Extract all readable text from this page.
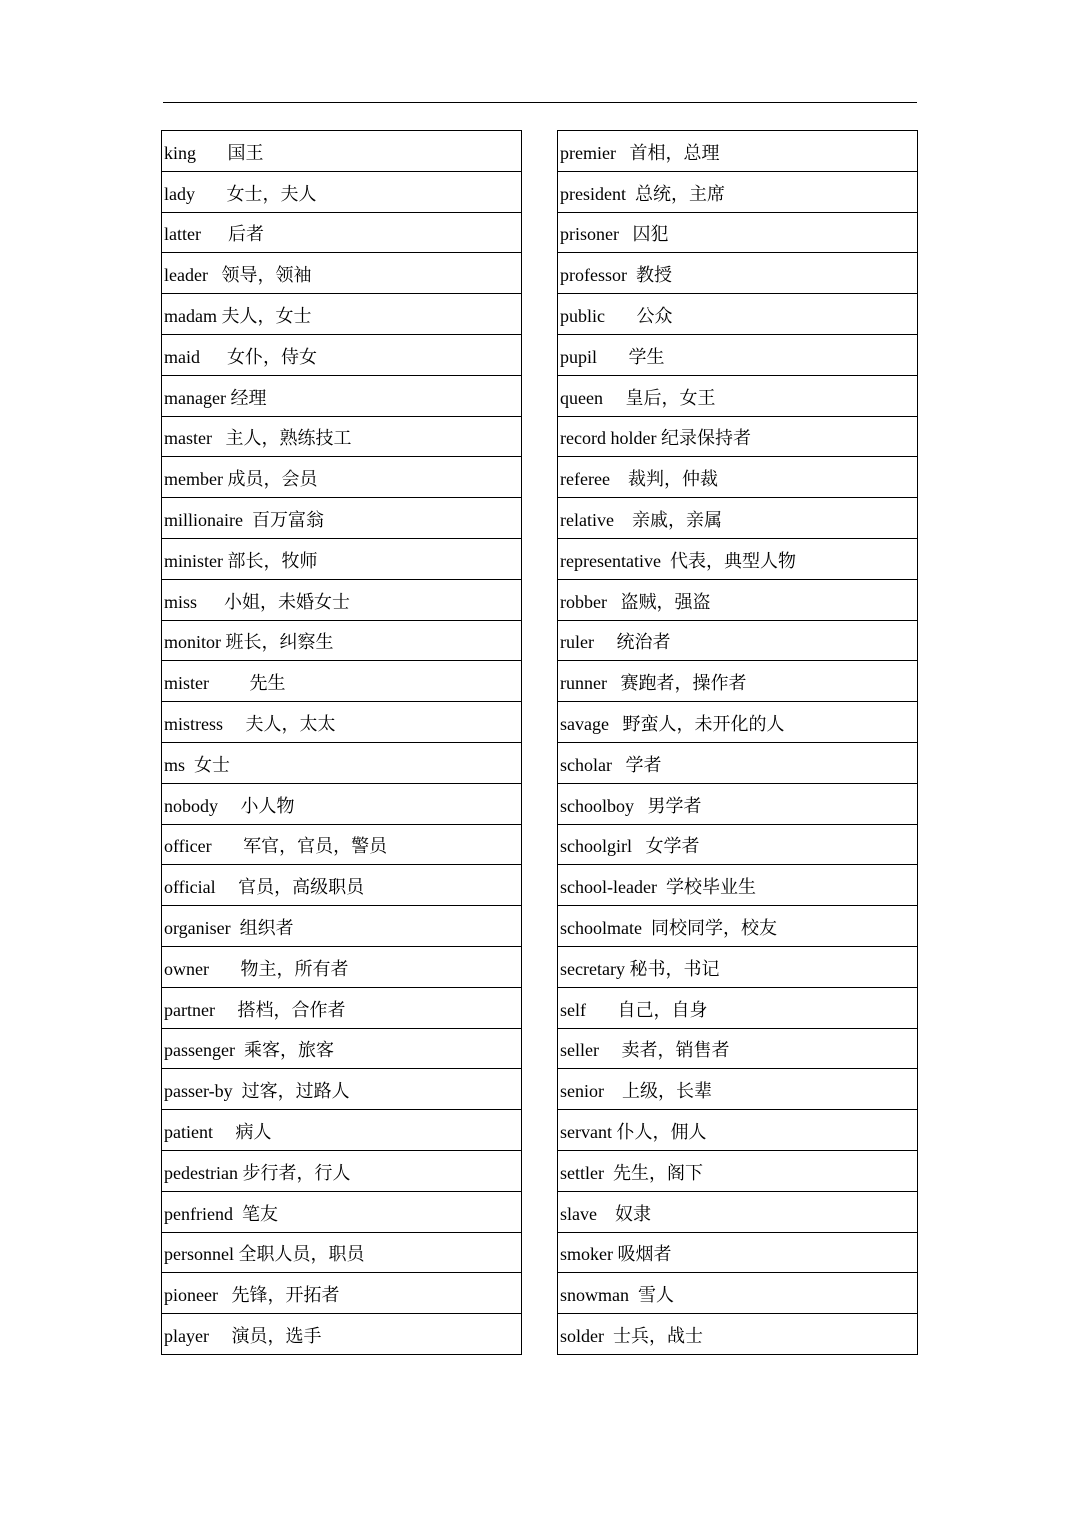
king       国王
lady       女士，夫人
latter      后者
leader   领导，领袖
madam 夫人，女士
maid      女仆，侍女
manager 经理
master   主人，熟练技工
member 成员，会员
millionaire  百万富翁
minister 部长，牧师
miss      小姐，未婚女士
monitor 班长，纠察生
mister         先生
mistress     夫人，太太
ms  女士
nobody     小人物
officer       军官，官员，警员
official     官员，高级职员
organiser  组织者
owner       物主，所有者
partner     搭档，合作者
passenger  乘客，旅客
passer-by  过客，过路人
patient     病人
pedestrian 步行者，行人
penfriend  笔友
personnel 全职人员，职员
pioneer   先锋，开拓者
player     演员，选手
premier   首相，总理
president  总统，主席
prisoner   囚犯
professor  教授
public       公众
pupil       学生
queen     皇后，女王
record holder 纪录保持者
referee    裁判，仲裁
relative    亲戚，亲属
representative  代表，典型人物
robber   盗贼，强盗
ruler     统治者
runner   赛跑者，操作者
savage   野蛮人，未开化的人
scholar   学者
schoolboy   男学者
schoolgirl   女学者
school-leader  学校毕业生
schoolmate  同校同学，校友
secretary 秘书，书记
self       自己，自身
seller     卖者，销售者
senior    上级，长辈
servant 仆人，佣人
settler  先生，阁下
slave    奴隶
smoker 吸烟者
snowman  雪人
solder  士兵，战士
